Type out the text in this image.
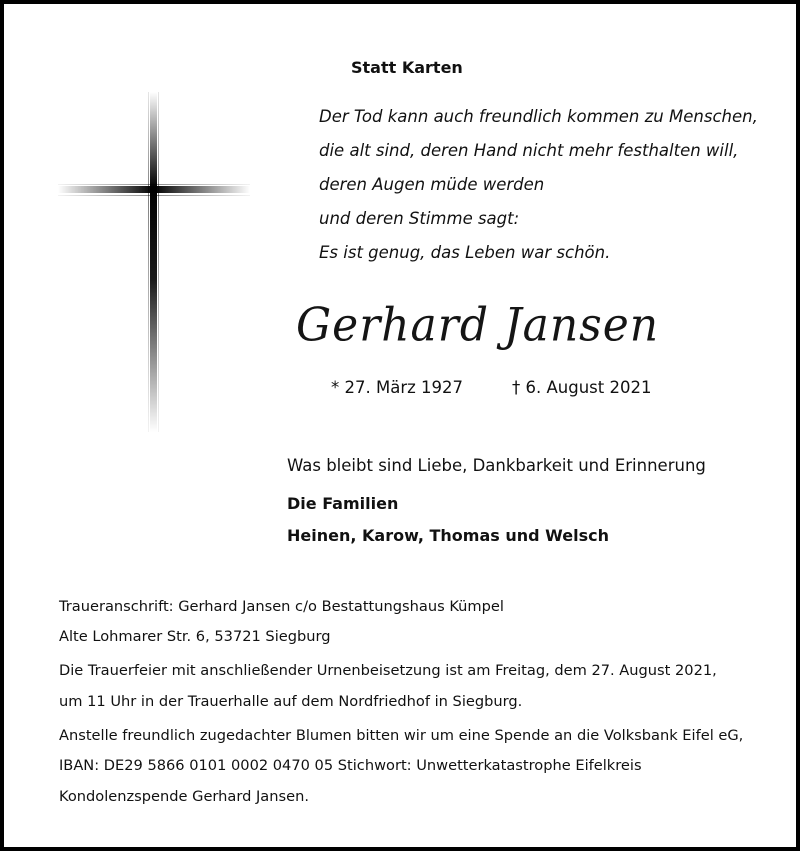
Statt Karten
Der Tod kann auch freundlich kommen zu Menschen,
die alt sind, deren Hand nicht mehr festhalten will,
deren Augen müde werden
und deren Stimme sagt:
Es ist genug, das Leben war schön.
Gerhard Jansen
* 27. März 1927	† 6. August 2021
Was bleibt sind Liebe, Dankbarkeit und Erinnerung
Die Familien
Heinen, Karow, Thomas und Welsch
Traueranschrift: Gerhard Jansen c/o Bestattungshaus Kümpel
Alte Lohmarer Str. 6, 53721 Siegburg
Die Trauerfeier mit anschließender Urnenbeisetzung ist am Freitag, dem 27. August 2021,
um 11 Uhr in der Trauerhalle auf dem Nordfriedhof in Siegburg.
Anstelle freundlich zugedachter Blumen bitten wir um eine Spende an die Volksbank Eifel eG,
IBAN: DE29 5866 0101 0002 0470 05 Stichwort: Unwetterkatastrophe Eifelkreis
Kondolenzspende Gerhard Jansen.
